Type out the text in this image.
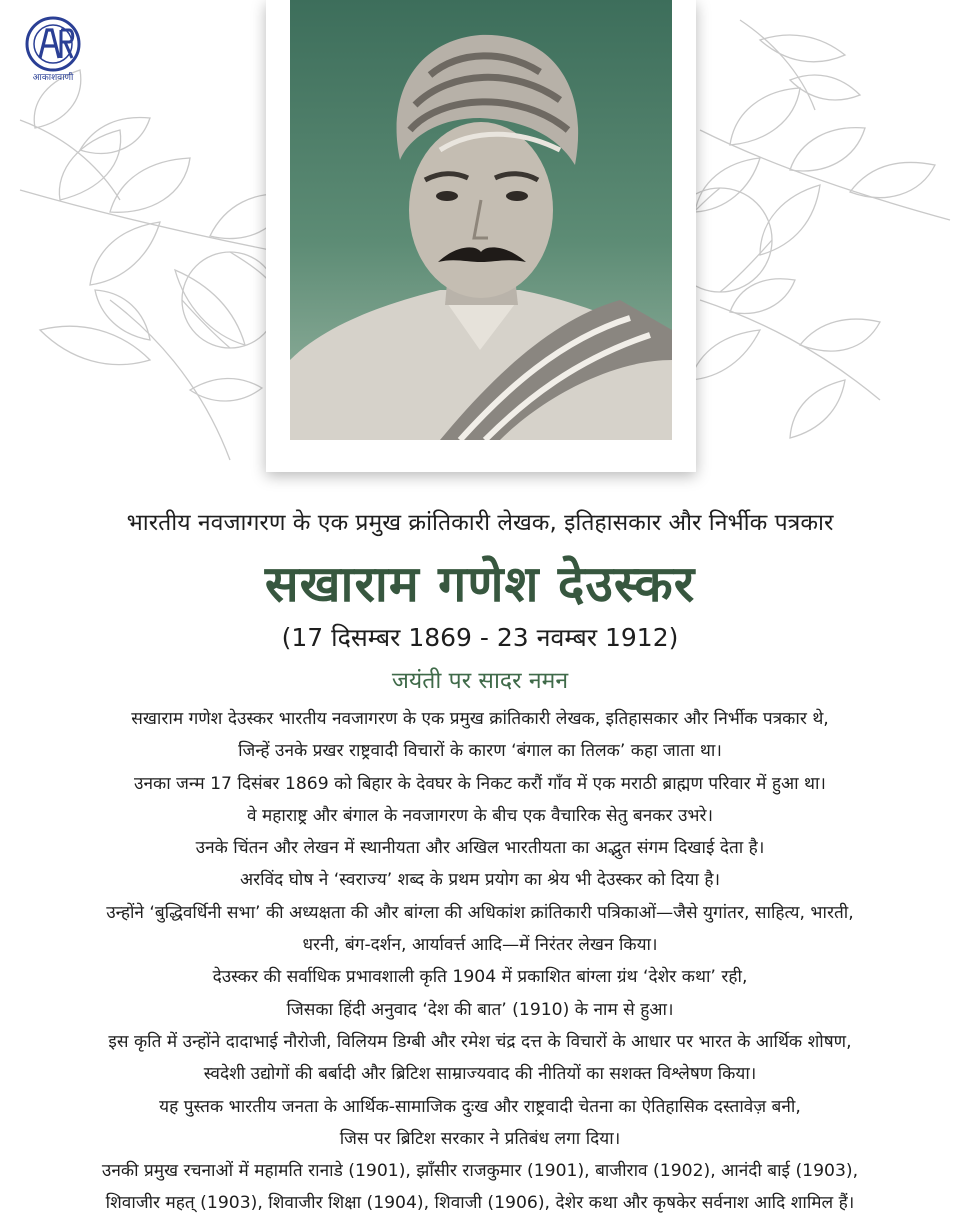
आकाशवाणी
भारतीय नवजागरण के एक प्रमुख क्रांतिकारी लेखक, इतिहासकार और निर्भीक पत्रकार
सखाराम गणेश देउस्कर
(17 दिसम्बर 1869 - 23 नवम्बर 1912)
जयंती पर सादर नमन
सखाराम गणेश देउस्कर भारतीय नवजागरण के एक प्रमुख क्रांतिकारी लेखक, इतिहासकार और निर्भीक पत्रकार थे,
जिन्हें उनके प्रखर राष्ट्रवादी विचारों के कारण ‘बंगाल का तिलक’ कहा जाता था।
उनका जन्म 17 दिसंबर 1869 को बिहार के देवघर के निकट करौं गाँव में एक मराठी ब्राह्मण परिवार में हुआ था।
वे महाराष्ट्र और बंगाल के नवजागरण के बीच एक वैचारिक सेतु बनकर उभरे।
उनके चिंतन और लेखन में स्थानीयता और अखिल भारतीयता का अद्भुत संगम दिखाई देता है।
अरविंद घोष ने ‘स्वराज्य’ शब्द के प्रथम प्रयोग का श्रेय भी देउस्कर को दिया है।
उन्होंने ‘बुद्धिवर्धिनी सभा’ की अध्यक्षता की और बांग्ला की अधिकांश क्रांतिकारी पत्रिकाओं—जैसे युगांतर, साहित्य, भारती,
धरनी, बंग-दर्शन, आर्यावर्त्त आदि—में निरंतर लेखन किया।
देउस्कर की सर्वाधिक प्रभावशाली कृति 1904 में प्रकाशित बांग्ला ग्रंथ ‘देशेर कथा’ रही,
जिसका हिंदी अनुवाद ‘देश की बात’ (1910) के नाम से हुआ।
इस कृति में उन्होंने दादाभाई नौरोजी, विलियम डिग्बी और रमेश चंद्र दत्त के विचारों के आधार पर भारत के आर्थिक शोषण,
स्वदेशी उद्योगों की बर्बादी और ब्रिटिश साम्राज्यवाद की नीतियों का सशक्त विश्लेषण किया।
यह पुस्तक भारतीय जनता के आर्थिक-सामाजिक दुःख और राष्ट्रवादी चेतना का ऐतिहासिक दस्तावेज़ बनी,
जिस पर ब्रिटिश सरकार ने प्रतिबंध लगा दिया।
उनकी प्रमुख रचनाओं में महामति रानाडे (1901), झाँसीर राजकुमार (1901), बाजीराव (1902), आनंदी बाई (1903),
शिवाजीर महत् (1903), शिवाजीर शिक्षा (1904), शिवाजी (1906), देशेर कथा और कृषकेर सर्वनाश आदि शामिल हैं।
